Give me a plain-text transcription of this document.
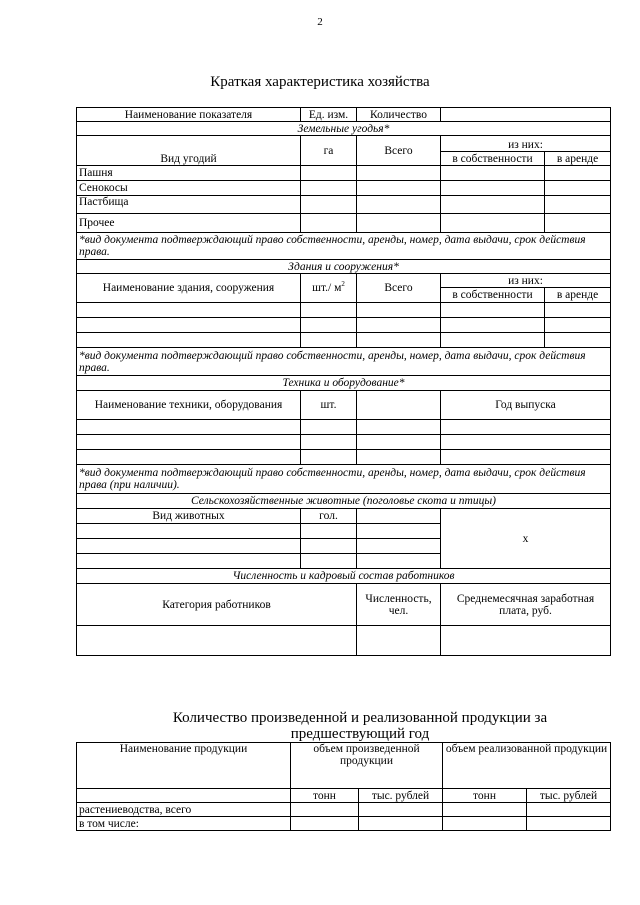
2
Краткая характеристика хозяйства
Наименование показателя	Ед. изм.	Количество		
Земельные угодья*				
Вид угодий	га	Всего	из них:	
			в собственности	в аренде
Пашня				
Сенокосы				
Пастбища				
Прочее				
*вид документа подтверждающий право собственности, аренды, номер, дата выдачи, срок действия права.				
Здания и сооружения*				
Наименование здания, сооружения	шт./ $м^2$	Всего	из них:	
			в собственности	в аренде

*вид документа подтверждающий право собственности, аренды, номер, дата выдачи, срок действия права.				
Техника и оборудование*				
Наименование техники, оборудования	шт.		Год выпуска	

*вид документа подтверждающий право собственности, аренды, номер, дата выдачи, срок действия права (при наличии).				
Сельскохозяйственные животные (поголовье скота и птицы)				
Вид животных	гол.		х	

Численность и кадровый состав работников				
Категория работников		Численность, чел.	Среднемесячная заработная плата, руб.	

Количество произведенной и реализованной продукции за предшествующий год
Наименование продукции	объем произведенной продукции		объем реализованной продукции	
	тонн	тыс. рублей	тонн	тыс. рублей
растениеводства, всего				
в том числе:				
